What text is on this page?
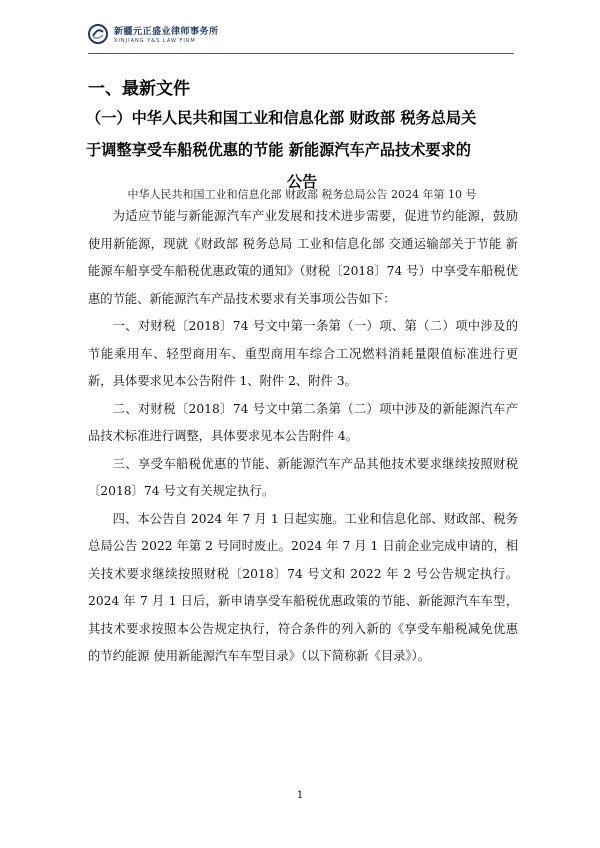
新疆元正盛业律师事务所
XINJIANG Y&S LAW FIRM
一、最新文件
（一）中华人民共和国工业和信息化部 财政部 税务总局关
于调整享受车船税优惠的节能 新能源汽车产品技术要求的
公告
中华人民共和国工业和信息化部 财政部 税务总局公告 2024 年第 10 号

为适应节能与新能源汽车产业发展和技术进步需要，促进节约能源，鼓励使用新能源，现就《财政部 税务总局 工业和信息化部 交通运输部关于节能 新能源车船享受车船税优惠政策的通知》（财税〔2018〕74 号）中享受车船税优惠的节能、新能源汽车产品技术要求有关事项公告如下：

一、对财税〔2018〕74 号文中第一条第（一）项、第（二）项中涉及的节能乘用车、轻型商用车、重型商用车综合工况燃料消耗量限值标准进行更新，具体要求见本公告附件 1、附件 2、附件 3。

二、对财税〔2018〕74 号文中第二条第（二）项中涉及的新能源汽车产品技术标准进行调整，具体要求见本公告附件 4。

三、享受车船税优惠的节能、新能源汽车产品其他技术要求继续按照财税〔2018〕74 号文有关规定执行。

四、本公告自 2024 年 7 月 1 日起实施。工业和信息化部、财政部、税务总局公告 2022 年第 2 号同时废止。2024 年 7 月 1 日前企业完成申请的，相关技术要求继续按照财税〔2018〕74 号文和 2022 年 2 号公告规定执行。2024 年 7 月 1 日后，新申请享受车船税优惠政策的节能、新能源汽车车型，其技术要求按照本公告规定执行，符合条件的列入新的《享受车船税减免优惠的节约能源 使用新能源汽车车型目录》（以下简称新《目录》）。

1
